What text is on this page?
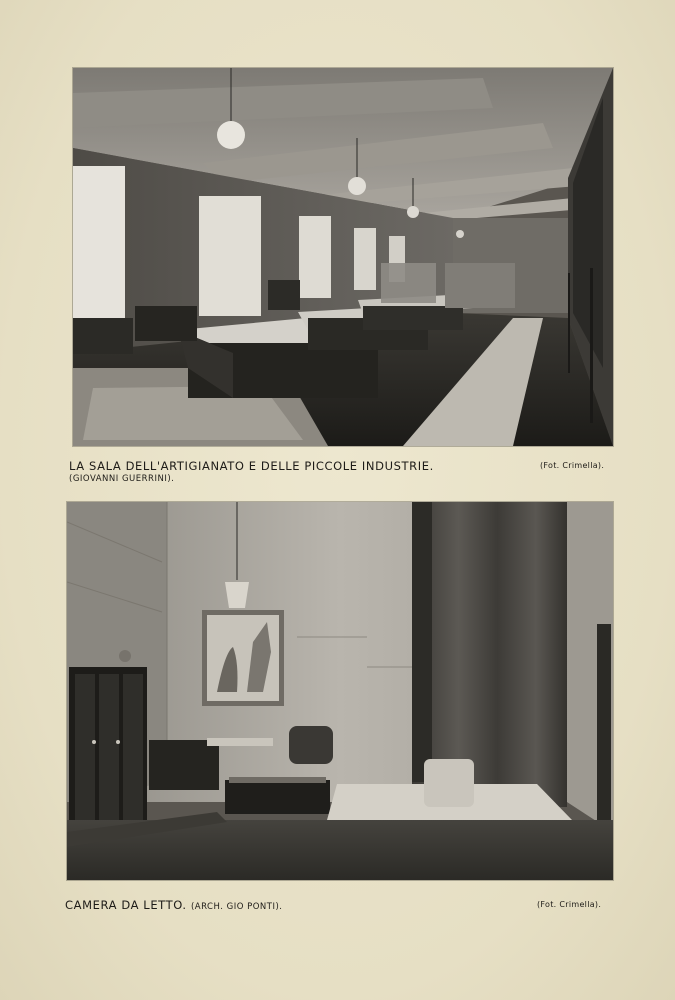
LA SALA DELL'ARTIGIANATO E DELLE PICCOLE INDUSTRIE.	(Fot. Crimella).
(GIOVANNI GUERRINI).
CAMERA DA LETTO. (ARCH. GIO PONTI).	(Fot. Crimella).
